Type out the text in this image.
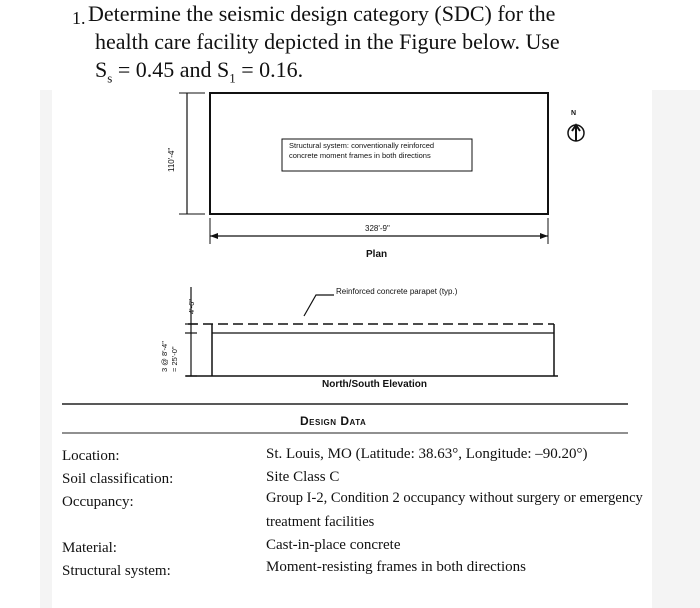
1. Determine the seismic design category (SDC) for the
health care facility depicted in the Figure below. Use
$S_s = 0.45$ and $S_1 = 0.16$.
Structural system: conventionally reinforced
concrete moment frames in both directions
N
110'-4"
328'-9"
Plan
Reinforced concrete parapet (typ.)
4'-6"
3 @ 8'-4" = 25'-0"
North/South Elevation
Design Data
Location:	St. Louis, MO (Latitude: 38.63°, Longitude: –90.20°)
Soil classification:	Site Class C
Occupancy:	Group I-2, Condition 2 occupancy without surgery or emergency
treatment facilities
Material:	Cast-in-place concrete
Structural system:	Moment-resisting frames in both directions
